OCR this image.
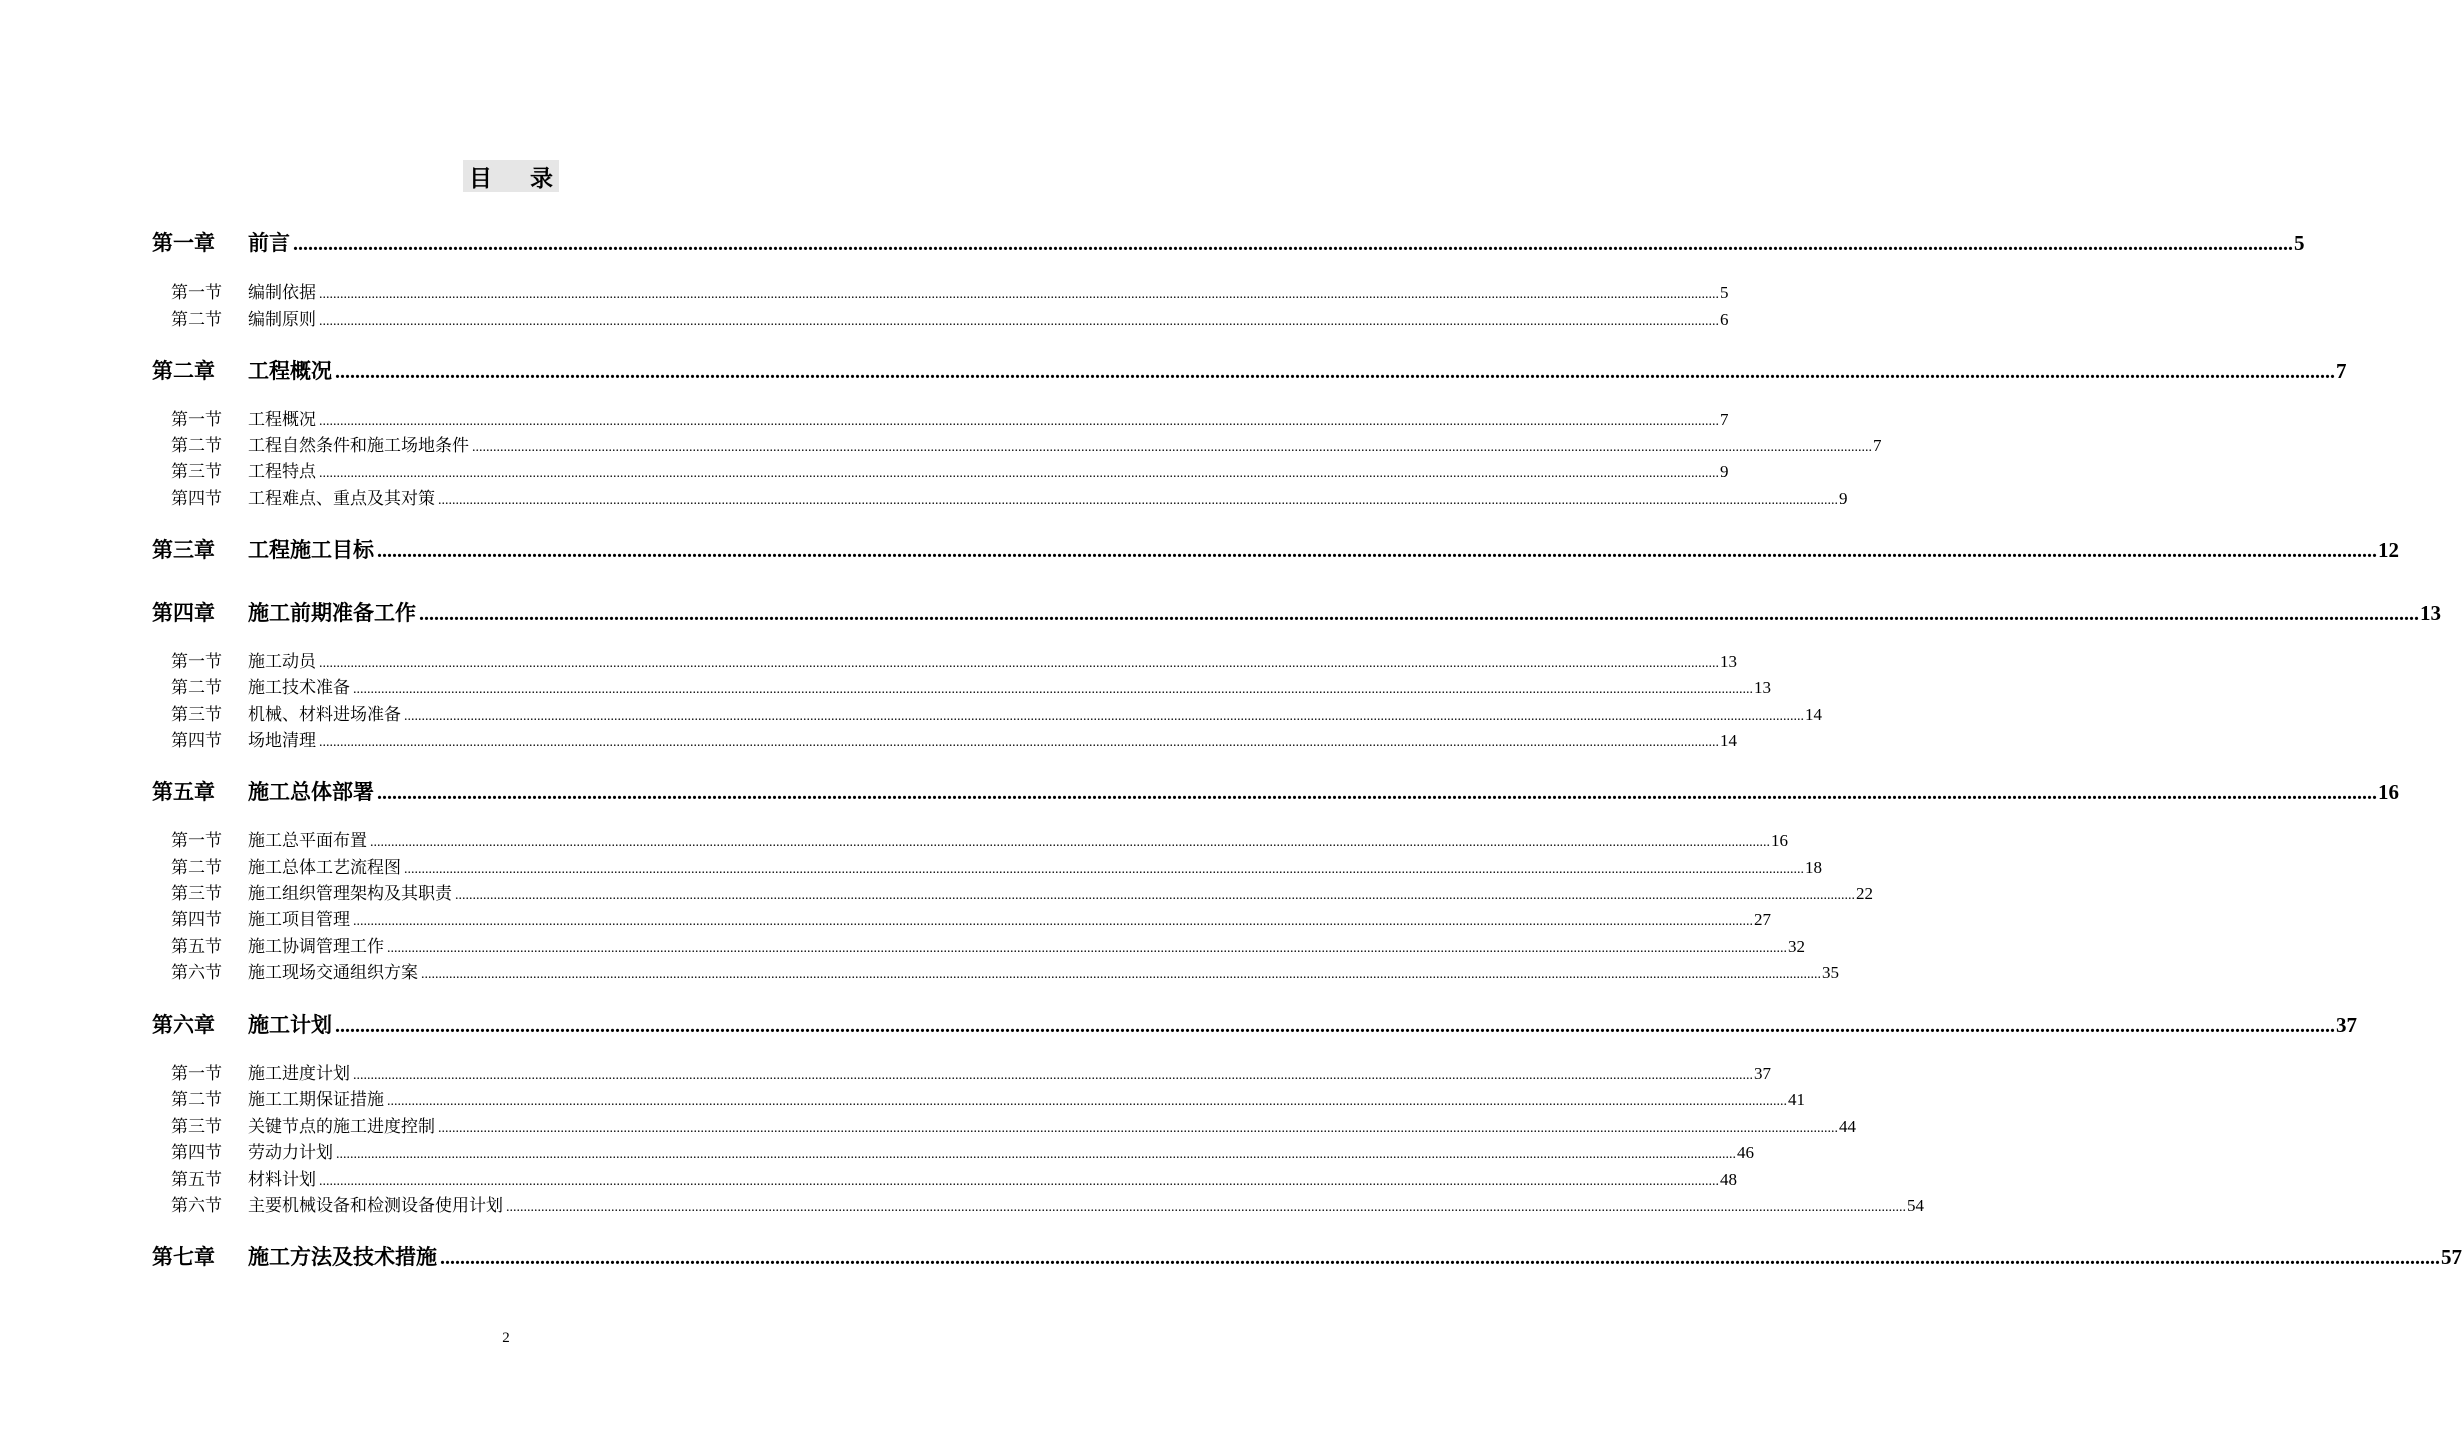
目 录
第一章	前言 ................................................................................................................................................................................................................................................................................................................................................................................................................ 5
第一节	编制依据 ................................................................................................................................................................................................................................................................................................................................................................................................................ 5
第二节	编制原则 ................................................................................................................................................................................................................................................................................................................................................................................................................ 6
第二章	工程概况 ................................................................................................................................................................................................................................................................................................................................................................................................................ 7
第一节	工程概况 ................................................................................................................................................................................................................................................................................................................................................................................................................ 7
第二节	工程自然条件和施工场地条件 ................................................................................................................................................................................................................................................................................................................................................................................................................ 7
第三节	工程特点 ................................................................................................................................................................................................................................................................................................................................................................................................................ 9
第四节	工程难点、重点及其对策 ................................................................................................................................................................................................................................................................................................................................................................................................................ 9
第三章	工程施工目标 ................................................................................................................................................................................................................................................................................................................................................................................................................ 12
第四章	施工前期准备工作 ................................................................................................................................................................................................................................................................................................................................................................................................................ 13
第一节	施工动员 ................................................................................................................................................................................................................................................................................................................................................................................................................ 13
第二节	施工技术准备 ................................................................................................................................................................................................................................................................................................................................................................................................................ 13
第三节	机械、材料进场准备 ................................................................................................................................................................................................................................................................................................................................................................................................................ 14
第四节	场地清理 ................................................................................................................................................................................................................................................................................................................................................................................................................ 14
第五章	施工总体部署 ................................................................................................................................................................................................................................................................................................................................................................................................................ 16
第一节	施工总平面布置 ................................................................................................................................................................................................................................................................................................................................................................................................................ 16
第二节	施工总体工艺流程图 ................................................................................................................................................................................................................................................................................................................................................................................................................ 18
第三节	施工组织管理架构及其职责 ................................................................................................................................................................................................................................................................................................................................................................................................................ 22
第四节	施工项目管理 ................................................................................................................................................................................................................................................................................................................................................................................................................ 27
第五节	施工协调管理工作 ................................................................................................................................................................................................................................................................................................................................................................................................................ 32
第六节	施工现场交通组织方案 ................................................................................................................................................................................................................................................................................................................................................................................................................ 35
第六章	施工计划 ................................................................................................................................................................................................................................................................................................................................................................................................................ 37
第一节	施工进度计划 ................................................................................................................................................................................................................................................................................................................................................................................................................ 37
第二节	施工工期保证措施 ................................................................................................................................................................................................................................................................................................................................................................................................................ 41
第三节	关键节点的施工进度控制 ................................................................................................................................................................................................................................................................................................................................................................................................................ 44
第四节	劳动力计划 ................................................................................................................................................................................................................................................................................................................................................................................................................ 46
第五节	材料计划 ................................................................................................................................................................................................................................................................................................................................................................................................................ 48
第六节	主要机械设备和检测设备使用计划 ................................................................................................................................................................................................................................................................................................................................................................................................................ 54
第七章	施工方法及技术措施 ................................................................................................................................................................................................................................................................................................................................................................................................................ 57
2
